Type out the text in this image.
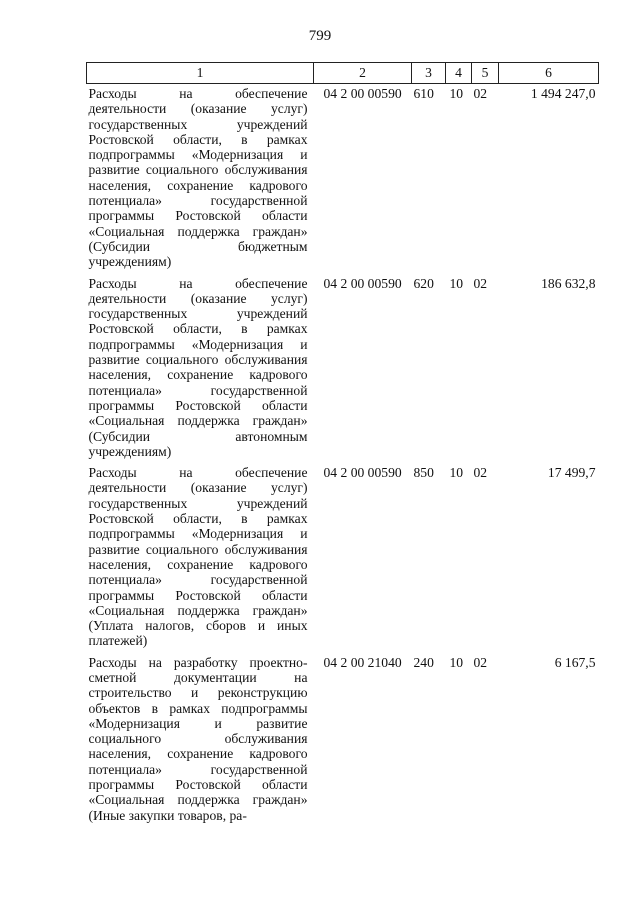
799
1	2	3	4	5	6
Расходы на обеспечение деятельности (оказание услуг) государственных учреждений Ростовской области, в рамках подпрограммы «Модернизация и развитие социального обслуживания населения, сохранение кадрового потенциала» государственной программы Ростовской области «Социальная поддержка граждан» (Субсидии бюджетным учреждениям)	04 2 00 00590	610	10	02	1 494 247,0
Расходы на обеспечение деятельности (оказание услуг) государственных учреждений Ростовской области, в рамках подпрограммы «Модернизация и развитие социального обслуживания населения, сохранение кадрового потенциала» государственной программы Ростовской области «Социальная поддержка граждан» (Субсидии автономным учреждениям)	04 2 00 00590	620	10	02	186 632,8
Расходы на обеспечение деятельности (оказание услуг) государственных учреждений Ростовской области, в рамках подпрограммы «Модернизация и развитие социального обслуживания населения, сохранение кадрового потенциала» государственной программы Ростовской области «Социальная поддержка граждан» (Уплата налогов, сборов и иных платежей)	04 2 00 00590	850	10	02	17 499,7
Расходы на разработку проектно-сметной документации на строительство и реконструкцию объектов в рамках подпрограммы «Модернизация и развитие социального обслуживания населения, сохранение кадрового потенциала» государственной программы Ростовской области «Социальная поддержка граждан» (Иные закупки товаров, ра-	04 2 00 21040	240	10	02	6 167,5
